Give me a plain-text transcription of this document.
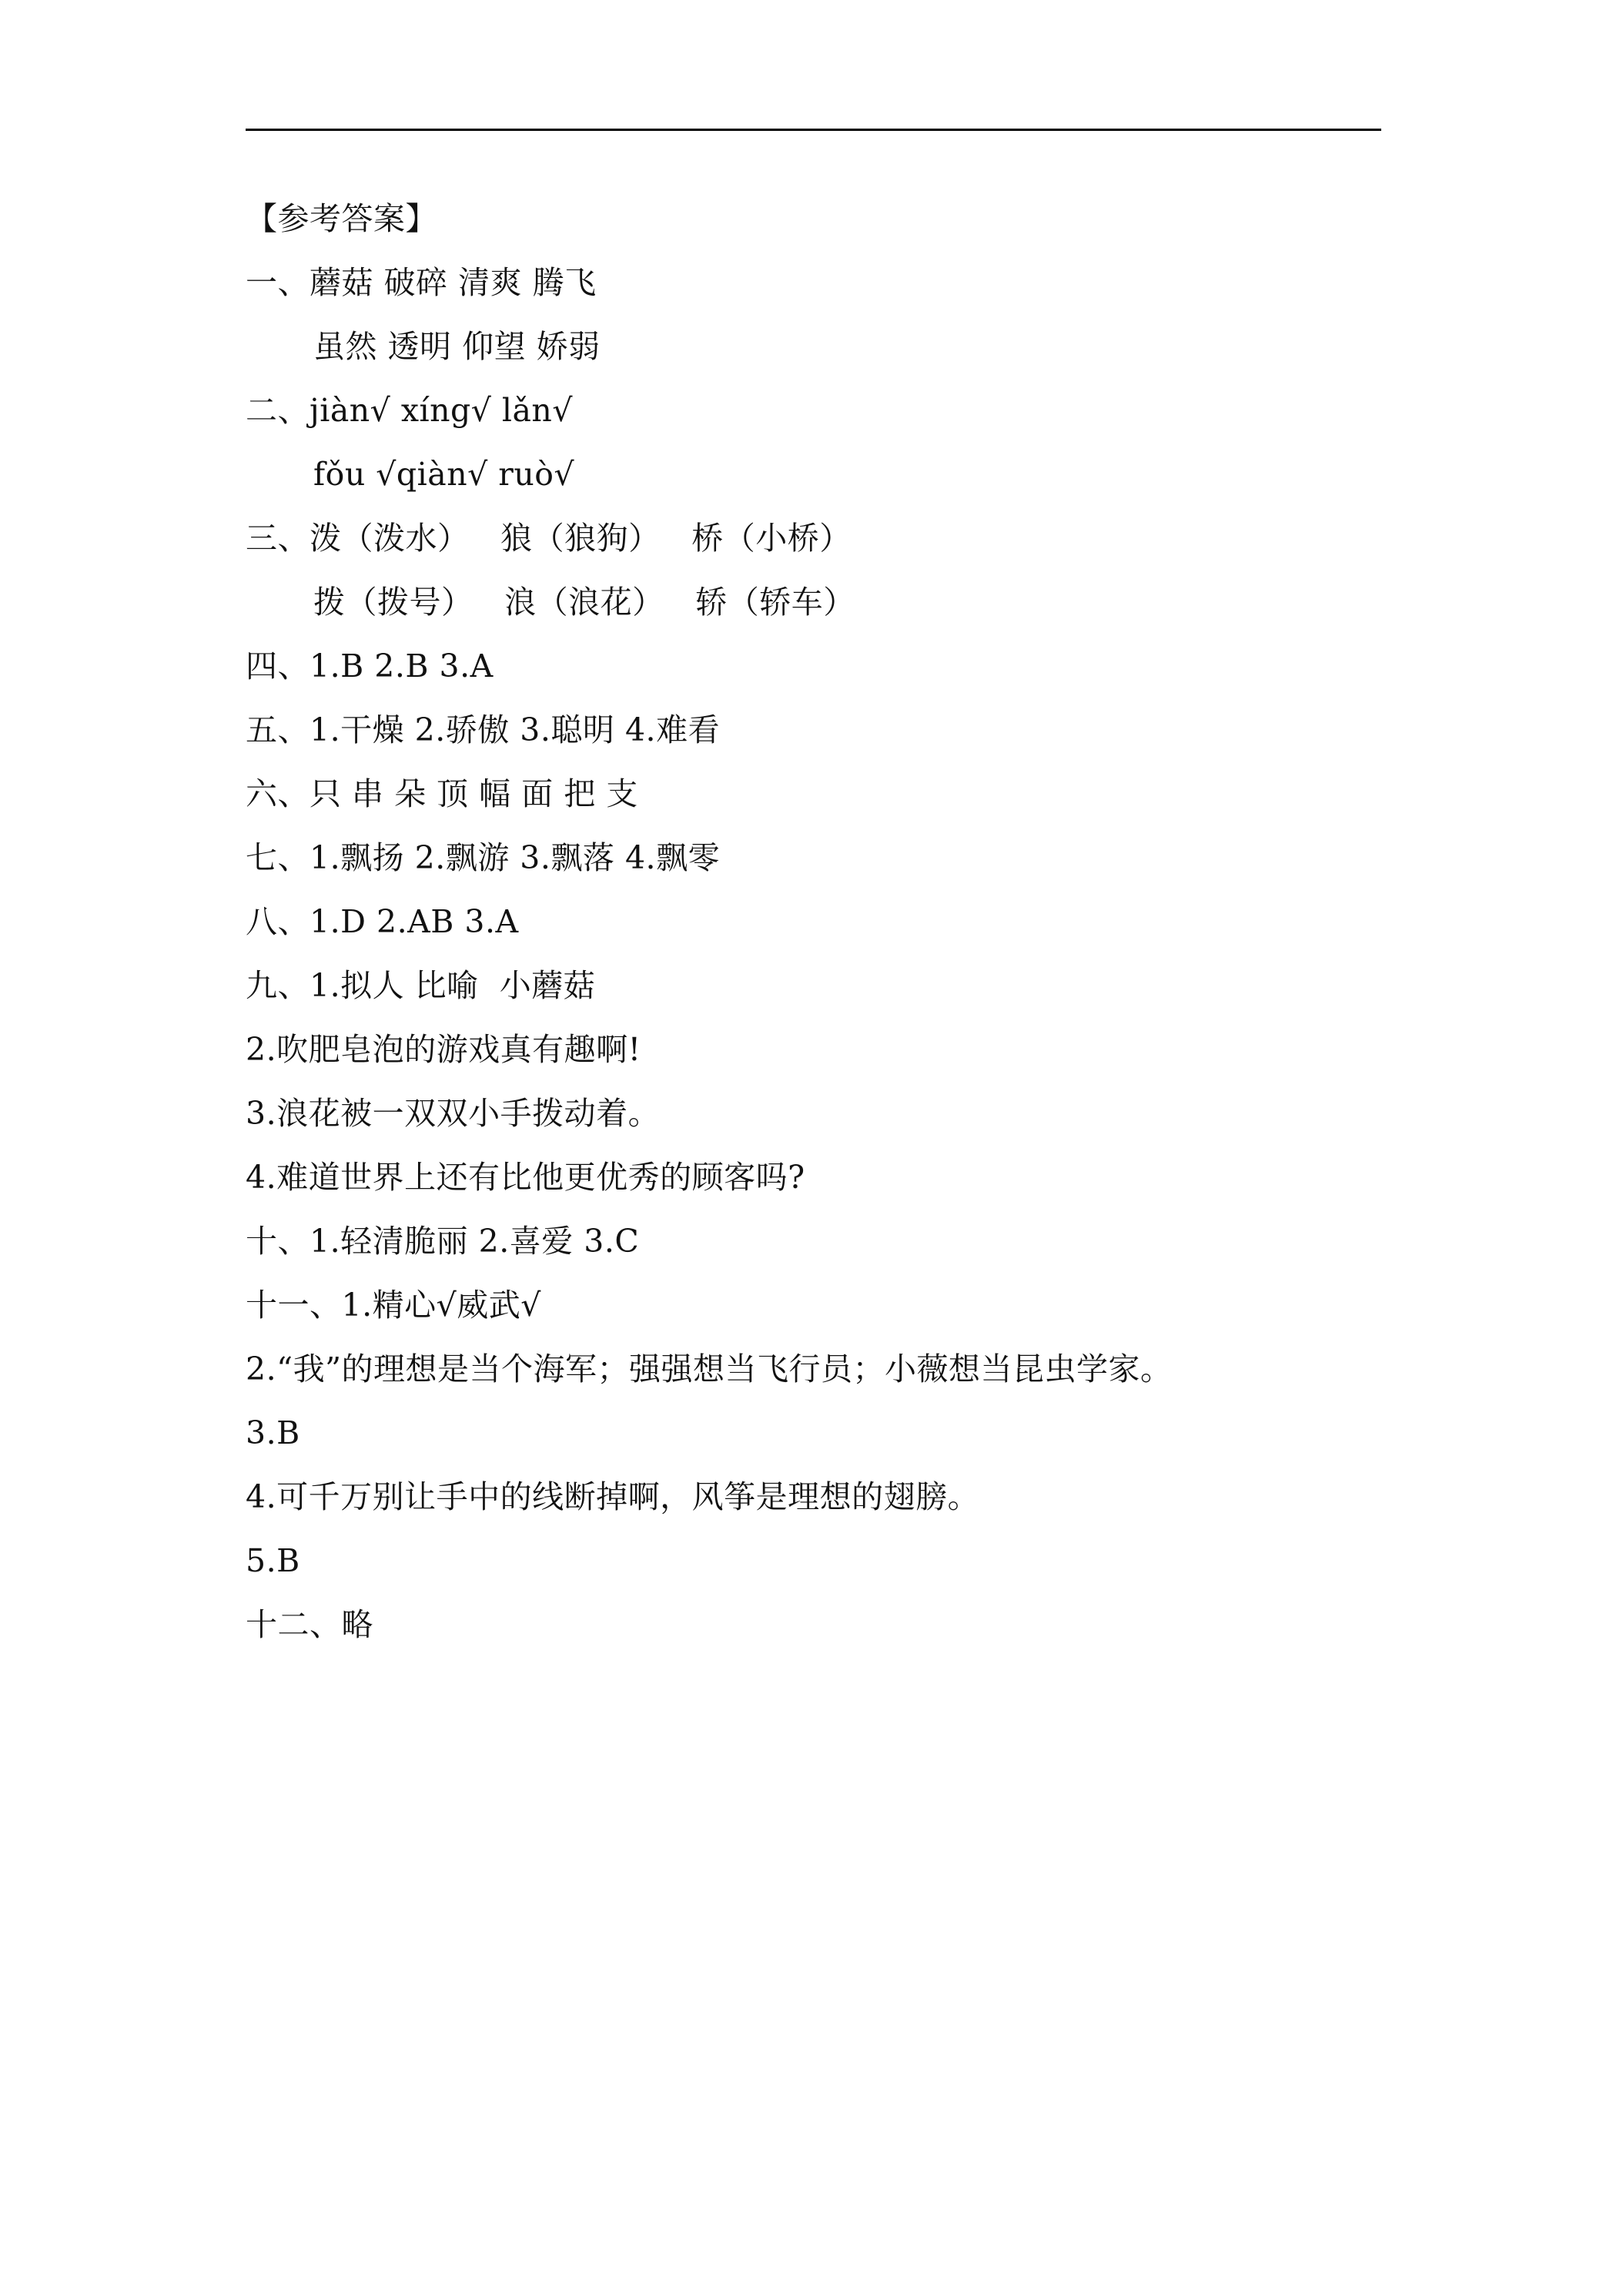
【参考答案】
一、蘑菇 破碎 清爽 腾飞
虽然 透明 仰望 娇弱
二、jiàn√ xíng√ lǎn√
fǒu √qiàn√ ruò√
三、泼（泼水）   狼（狼狗）   桥（小桥）
拨（拨号）   浪（浪花）   轿（轿车）
四、1.B 2.B 3.A
五、1.干燥 2.骄傲 3.聪明 4.难看
六、只 串 朵 顶 幅 面 把 支
七、1.飘扬 2.飘游 3.飘落 4.飘零
八、1.D 2.AB 3.A
九、1.拟人 比喻  小蘑菇
2.吹肥皂泡的游戏真有趣啊!
3.浪花被一双双小手拨动着。
4.难道世界上还有比他更优秀的顾客吗?
十、1.轻清脆丽 2.喜爱 3.C
十一、1.精心√威武√
2.“我”的理想是当个海军；强强想当飞行员；小薇想当昆虫学家。
3.B
4.可千万别让手中的线断掉啊，风筝是理想的翅膀。
5.B
十二、略
